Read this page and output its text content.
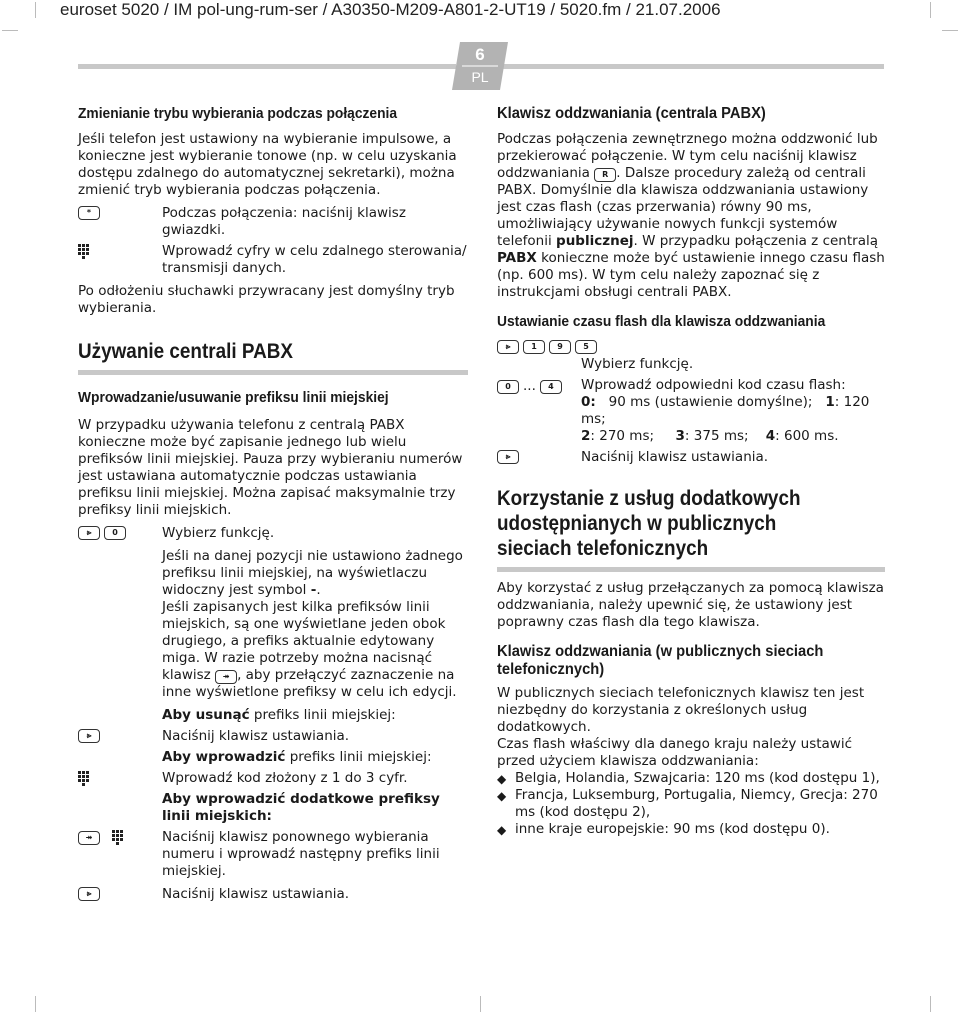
euroset 5020 / IM pol-ung-rum-ser / A30350-M209-A801-2-UT19 / 5020.fm / 21.07.2006
6
PL
Zmienianie trybu wybierania podczas połączenia

Jeśli telefon jest ustawiony na wybieranie impulsowe, a konieczne jest wybieranie tonowe (np. w celu uzyskania dostępu zdalnego do automatycznej sekretarki), można zmienić tryb wybierania podczas połączenia.

*	Podczas połączenia: naciśnij klawisz gwiazdki.
Wprowadź cyfry w celu zdalnego sterowania/ transmisji danych.

Po odłożeniu słuchawki przywracany jest domyślny tryb wybierania.

Używanie centrali PABX
Wprowadzanie/usuwanie prefiksu linii miejskiej

W przypadku używania telefonu z centralą PABX konieczne może być zapisanie jednego lub wielu prefiksów linii miejskiej. Pauza przy wybieraniu numerów jest ustawiana automatycznie podczas ustawiania prefiksu linii miejskiej. Można zapisać maksymalnie trzy prefiksy linii miejskich.

⪢	0	Wybierz funkcję.
Jeśli na danej pozycji nie ustawiono żadnego prefiksu linii miejskiej, na wyświetlaczu widoczny jest symbol -.
Jeśli zapisanych jest kilka prefiksów linii miejskich, są one wyświetlane jeden obok drugiego, a prefiks aktualnie edytowany miga. W razie potrzeby można nacisnąć klawisz ↠ , aby przełączyć zaznaczenie na inne wyświetlone prefiksy w celu ich edycji.
Aby usunąć prefiks linii miejskiej:
⪢	Naciśnij klawisz ustawiania.
Aby wprowadzić prefiks linii miejskiej:
Wprowadź kod złożony z 1 do 3 cyfr.
Aby wprowadzić dodatkowe prefiksy linii miejskich:
↠	Naciśnij klawisz ponownego wybierania numeru i wprowadź następny prefiks linii miejskiej.
⪢	Naciśnij klawisz ustawiania.
Klawisz oddzwaniania (centrala PABX)

Podczas połączenia zewnętrznego można oddzwonić lub przekierować połączenie. W tym celu naciśnij klawisz oddzwaniania R . Dalsze procedury zależą od centrali PABX. Domyślnie dla klawisza oddzwaniania ustawiony jest czas flash (czas przerwania) równy 90 ms, umożliwiający używanie nowych funkcji systemów telefonii publicznej. W przypadku połączenia z centralą PABX konieczne może być ustawienie innego czasu flash (np. 600 ms). W tym celu należy zapoznać się z instrukcjami obsługi centrali PABX.

Ustawianie czasu flash dla klawisza oddzwaniania
⪢	1	9	5
Wybierz funkcję.
0 ...	4	Wprowadź odpowiedni kod czasu flash:
0: 90 ms (ustawienie domyślne); 1: 120 ms;
2: 270 ms; 3: 375 ms; 4: 600 ms.
⪢	Naciśnij klawisz ustawiania.
Korzystanie z usług dodatkowych udostępnianych w publicznych sieciach telefonicznych

Aby korzystać z usług przełączanych za pomocą klawisza oddzwaniania, należy upewnić się, że ustawiony jest poprawny czas flash dla tego klawisza.

Klawisz oddzwaniania (w publicznych sieciach telefonicznych)

W publicznych sieciach telefonicznych klawisz ten jest niezbędny do korzystania z określonych usług dodatkowych.

Czas flash właściwy dla danego kraju należy ustawić przed użyciem klawisza oddzwaniania:

◆ Belgia, Holandia, Szwajcaria: 120 ms (kod dostępu 1),
◆ Francja, Luksemburg, Portugalia, Niemcy, Grecja: 270 ms (kod dostępu 2),
◆ inne kraje europejskie: 90 ms (kod dostępu 0).
